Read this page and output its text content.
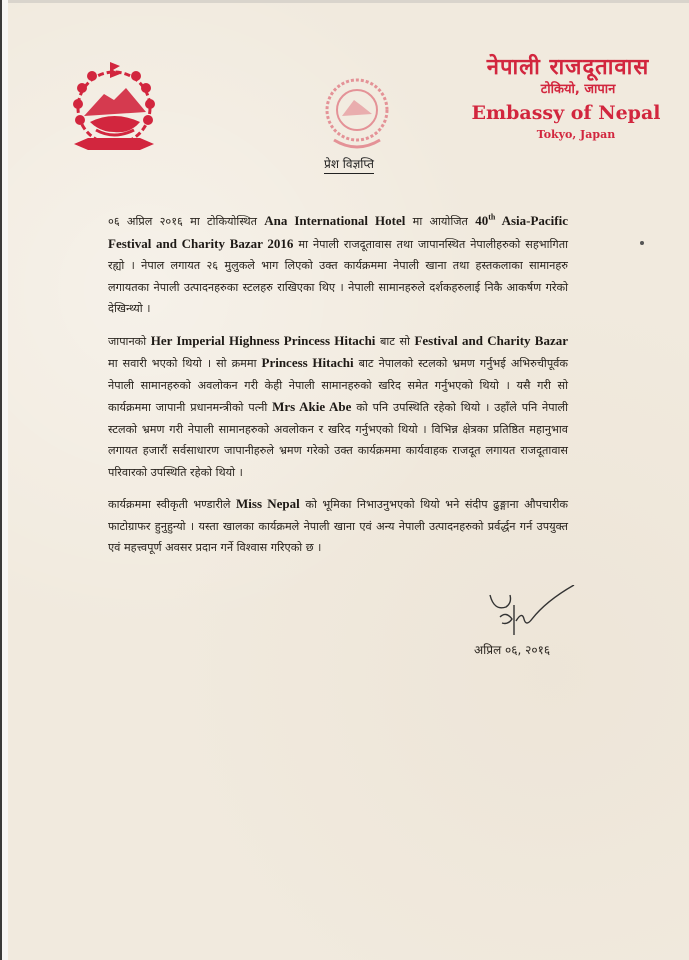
नेपाली राजदूतावास
टोकियो, जापान
Embassy of Nepal
Tokyo, Japan
प्रेश विज्ञप्ति

०६ अप्रिल २०१६ मा टोकियोस्थित Ana International Hotel मा आयोजित 40th Asia-Pacific Festival and Charity Bazar 2016 मा नेपाली राजदूतावास तथा जापानस्थित नेपालीहरुको सहभागिता रह्यो । नेपाल लगायत २६ मुलुकले भाग लिएको उक्त कार्यक्रममा नेपाली खाना तथा हस्तकलाका सामानहरु लगायतका नेपाली उत्पादनहरुका स्टलहरु राखिएका थिए । नेपाली सामानहरुले दर्शकहरुलाई निकै आकर्षण गरेको देखिन्थ्यो ।

जापानको Her Imperial Highness Princess Hitachi बाट सो Festival and Charity Bazar मा सवारी भएको थियो । सो क्रममा Princess Hitachi बाट नेपालको स्टलको भ्रमण गर्नुभई अभिरुचीपूर्वक नेपाली सामानहरुको अवलोकन गरी केही नेपाली सामानहरुको खरिद समेत गर्नुभएको थियो । यसै गरी सो कार्यक्रममा जापानी प्रधानमन्त्रीको पत्नी Mrs Akie Abe को पनि उपस्थिति रहेको थियो । उहाँले पनि नेपाली स्टलको भ्रमण गरी नेपाली सामानहरुको अवलोकन र खरिद गर्नुभएको थियो । विभिन्न क्षेत्रका प्रतिष्ठित महानुभाव लगायत हजारौं सर्वसाधारण जापानीहरुले भ्रमण गरेको उक्त कार्यक्रममा कार्यवाहक राजदूत लगायत राजदूतावास परिवारको उपस्थिति रहेको थियो ।

कार्यक्रममा स्वीकृती भण्डारीले Miss Nepal को भूमिका निभाउनुभएको थियो भने संदीप ढुङ्गाना औपचारीक फाटोग्राफर हुनुहुन्यो । यस्ता खालका कार्यक्रमले नेपाली खाना एवं अन्य नेपाली उत्पादनहरुको प्रर्वर्द्धन गर्न उपयुक्त एवं महत्त्वपूर्ण अवसर प्रदान गर्ने विश्वास गरिएको छ ।

अप्रिल ०६, २०१६
